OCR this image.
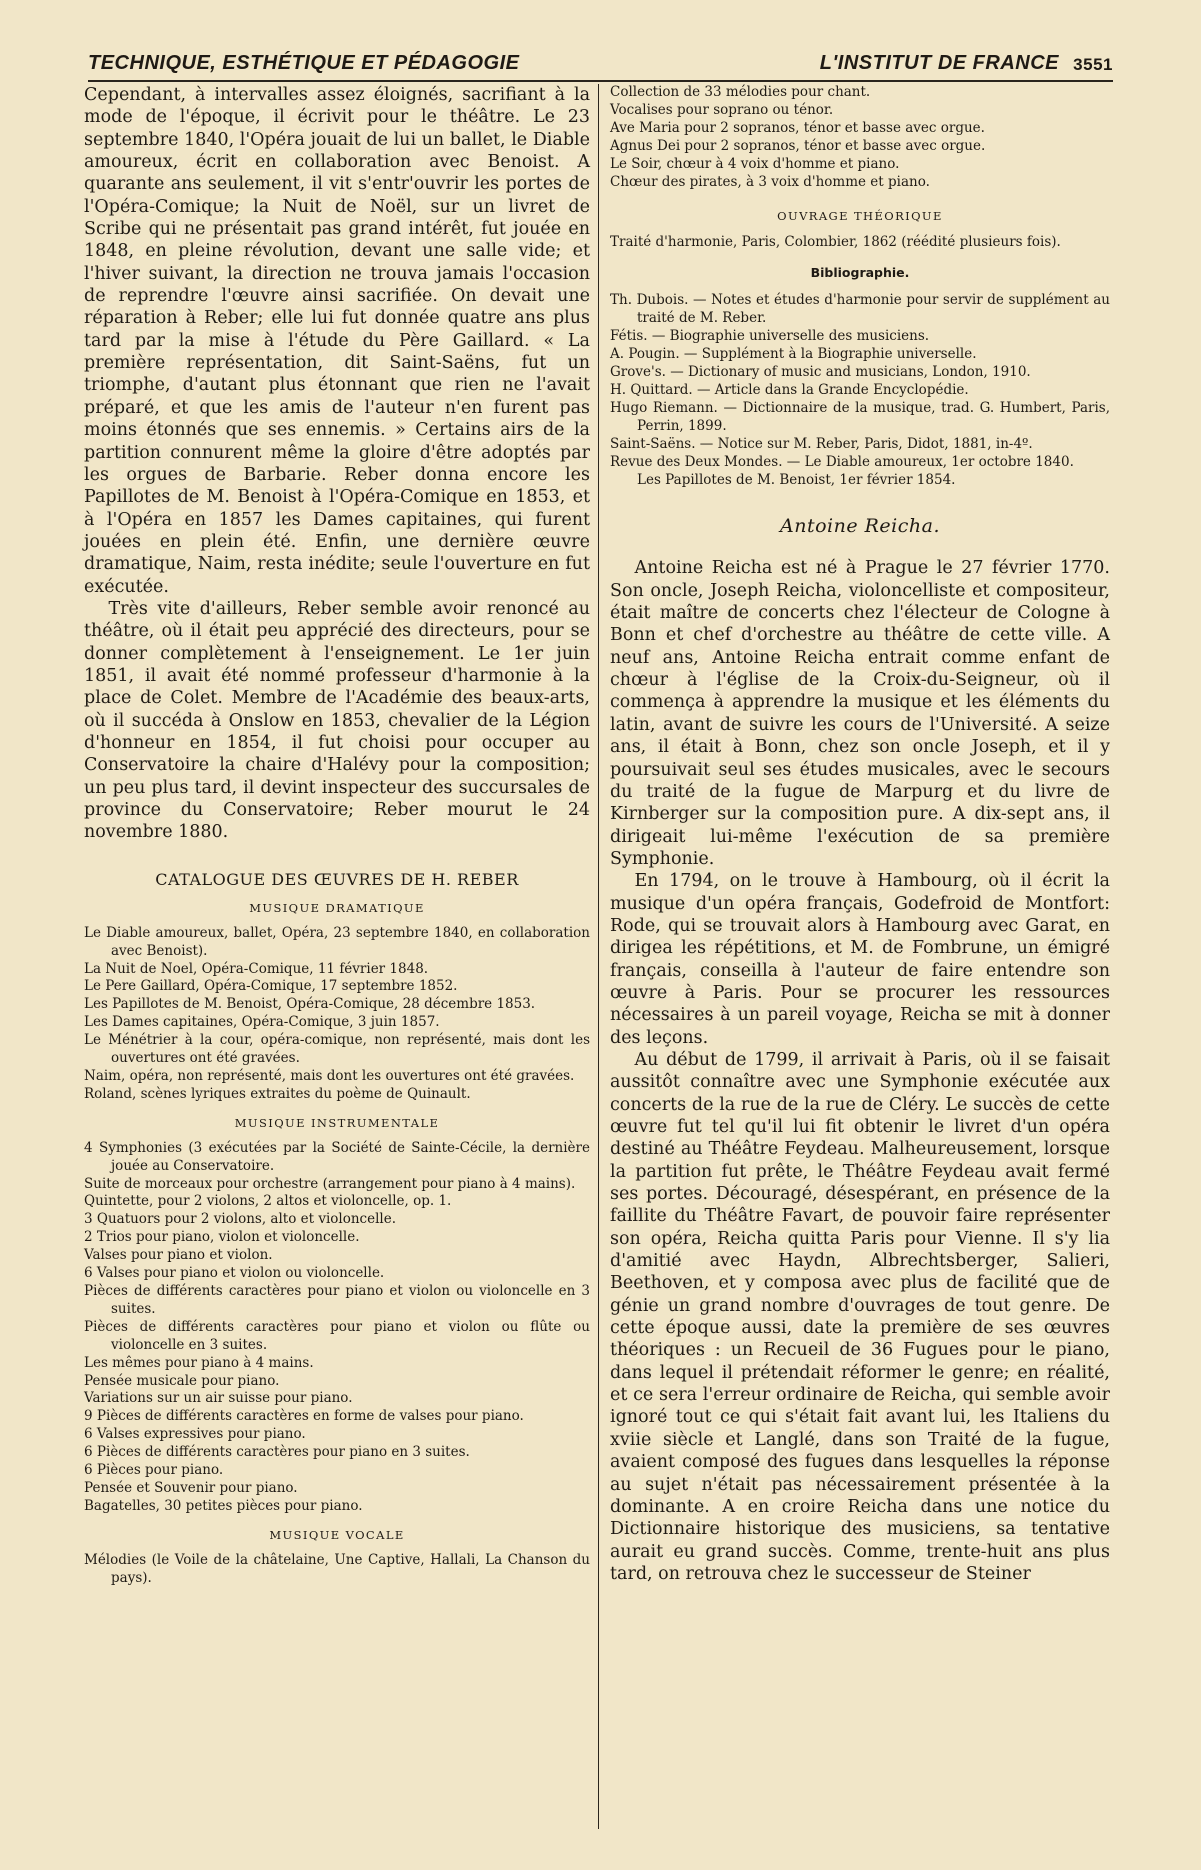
TECHNIQUE, ESTHÉTIQUE ET PÉDAGOGIE	L'INSTITUT DE FRANCE 3551

Cependant, à intervalles assez éloignés, sacrifiant à la mode de l'époque, il écrivit pour le théâtre. Le 23 septembre 1840, l'Opéra jouait de lui un ballet, le Diable amoureux, écrit en collaboration avec Benoist. A quarante ans seulement, il vit s'entr'ouvrir les portes de l'Opéra-Comique; la Nuit de Noël, sur un livret de Scribe qui ne présentait pas grand intérêt, fut jouée en 1848, en pleine révolution, devant une salle vide; et l'hiver suivant, la direction ne trouva jamais l'occasion de reprendre l'œuvre ainsi sacrifiée. On devait une réparation à Reber; elle lui fut donnée quatre ans plus tard par la mise à l'étude du Père Gaillard. « La première représentation, dit Saint-Saëns, fut un triomphe, d'autant plus étonnant que rien ne l'avait préparé, et que les amis de l'auteur n'en furent pas moins étonnés que ses ennemis. » Certains airs de la partition connurent même la gloire d'être adoptés par les orgues de Barbarie. Reber donna encore les Papillotes de M. Benoist à l'Opéra-Comique en 1853, et à l'Opéra en 1857 les Dames capitaines, qui furent jouées en plein été. Enfin, une dernière œuvre dramatique, Naim, resta inédite; seule l'ouverture en fut exécutée.

Très vite d'ailleurs, Reber semble avoir renoncé au théâtre, où il était peu apprécié des directeurs, pour se donner complètement à l'enseignement. Le 1er juin 1851, il avait été nommé professeur d'harmonie à la place de Colet. Membre de l'Académie des beaux-arts, où il succéda à Onslow en 1853, chevalier de la Légion d'honneur en 1854, il fut choisi pour occuper au Conservatoire la chaire d'Halévy pour la composition; un peu plus tard, il devint inspecteur des succursales de province du Conservatoire; Reber mourut le 24 novembre 1880.

CATALOGUE DES ŒUVRES DE H. REBER
MUSIQUE DRAMATIQUE
Le Diable amoureux, ballet, Opéra, 23 septembre 1840, en collaboration avec Benoist).
La Nuit de Noel, Opéra-Comique, 11 février 1848.
Le Pere Gaillard, Opéra-Comique, 17 septembre 1852.
Les Papillotes de M. Benoist, Opéra-Comique, 28 décembre 1853.
Les Dames capitaines, Opéra-Comique, 3 juin 1857.
Le Ménétrier à la cour, opéra-comique, non représenté, mais dont les ouvertures ont été gravées.
Naim, opéra, non représenté, mais dont les ouvertures ont été gravées.
Roland, scènes lyriques extraites du poème de Quinault.
MUSIQUE INSTRUMENTALE
4 Symphonies (3 exécutées par la Société de Sainte-Cécile, la dernière jouée au Conservatoire.
Suite de morceaux pour orchestre (arrangement pour piano à 4 mains).
Quintette, pour 2 violons, 2 altos et violoncelle, op. 1.
3 Quatuors pour 2 violons, alto et violoncelle.
2 Trios pour piano, violon et violoncelle.
Valses pour piano et violon.
6 Valses pour piano et violon ou violoncelle.
Pièces de différents caractères pour piano et violon ou violoncelle en 3 suites.
Pièces de différents caractères pour piano et violon ou flûte ou violoncelle en 3 suites.
Les mêmes pour piano à 4 mains.
Pensée musicale pour piano.
Variations sur un air suisse pour piano.
9 Pièces de différents caractères en forme de valses pour piano.
6 Valses expressives pour piano.
6 Pièces de différents caractères pour piano en 3 suites.
6 Pièces pour piano.
Pensée et Souvenir pour piano.
Bagatelles, 30 petites pièces pour piano.
MUSIQUE VOCALE
Mélodies (le Voile de la châtelaine, Une Captive, Hallali, La Chanson du pays).
Collection de 33 mélodies pour chant.
Vocalises pour soprano ou ténor.
Ave Maria pour 2 sopranos, ténor et basse avec orgue.
Agnus Dei pour 2 sopranos, ténor et basse avec orgue.
Le Soir, chœur à 4 voix d'homme et piano.
Chœur des pirates, à 3 voix d'homme et piano.
OUVRAGE THÉORIQUE

Traité d'harmonie, Paris, Colombier, 1862 (réédité plusieurs fois).

Bibliographie.
Th. Dubois. — Notes et études d'harmonie pour servir de supplément au traité de M. Reber.
Fétis. — Biographie universelle des musiciens.
A. Pougin. — Supplément à la Biographie universelle.
Grove's. — Dictionary of music and musicians, London, 1910.
H. Quittard. — Article dans la Grande Encyclopédie.
Hugo Riemann. — Dictionnaire de la musique, trad. G. Humbert, Paris, Perrin, 1899.
Saint-Saëns. — Notice sur M. Reber, Paris, Didot, 1881, in-4º.
Revue des Deux Mondes. — Le Diable amoureux, 1er octobre 1840.
Les Papillotes de M. Benoist, 1er février 1854.
Antoine Reicha.

Antoine Reicha est né à Prague le 27 février 1770. Son oncle, Joseph Reicha, violoncelliste et compositeur, était maître de concerts chez l'électeur de Cologne à Bonn et chef d'orchestre au théâtre de cette ville. A neuf ans, Antoine Reicha entrait comme enfant de chœur à l'église de la Croix-du-Seigneur, où il commença à apprendre la musique et les éléments du latin, avant de suivre les cours de l'Université. A seize ans, il était à Bonn, chez son oncle Joseph, et il y poursuivait seul ses études musicales, avec le secours du traité de la fugue de Marpurg et du livre de Kirnberger sur la composition pure. A dix-sept ans, il dirigeait lui-même l'exécution de sa première Symphonie.

En 1794, on le trouve à Hambourg, où il écrit la musique d'un opéra français, Godefroid de Montfort: Rode, qui se trouvait alors à Hambourg avec Garat, en dirigea les répétitions, et M. de Fombrune, un émigré français, conseilla à l'auteur de faire entendre son œuvre à Paris. Pour se procurer les ressources nécessaires à un pareil voyage, Reicha se mit à donner des leçons.

Au début de 1799, il arrivait à Paris, où il se faisait aussitôt connaître avec une Symphonie exécutée aux concerts de la rue de la rue de Cléry. Le succès de cette œuvre fut tel qu'il lui fit obtenir le livret d'un opéra destiné au Théâtre Feydeau. Malheureusement, lorsque la partition fut prête, le Théâtre Feydeau avait fermé ses portes. Découragé, désespérant, en présence de la faillite du Théâtre Favart, de pouvoir faire représenter son opéra, Reicha quitta Paris pour Vienne. Il s'y lia d'amitié avec Haydn, Albrechtsberger, Salieri, Beethoven, et y composa avec plus de facilité que de génie un grand nombre d'ouvrages de tout genre. De cette époque aussi, date la première de ses œuvres théoriques : un Recueil de 36 Fugues pour le piano, dans lequel il prétendait réformer le genre; en réalité, et ce sera l'erreur ordinaire de Reicha, qui semble avoir ignoré tout ce qui s'était fait avant lui, les Italiens du xviie siècle et Langlé, dans son Traité de la fugue, avaient composé des fugues dans lesquelles la réponse au sujet n'était pas nécessairement présentée à la dominante. A en croire Reicha dans une notice du Dictionnaire historique des musiciens, sa tentative aurait eu grand succès. Comme, trente-huit ans plus tard, on retrouva chez le successeur de Steiner
